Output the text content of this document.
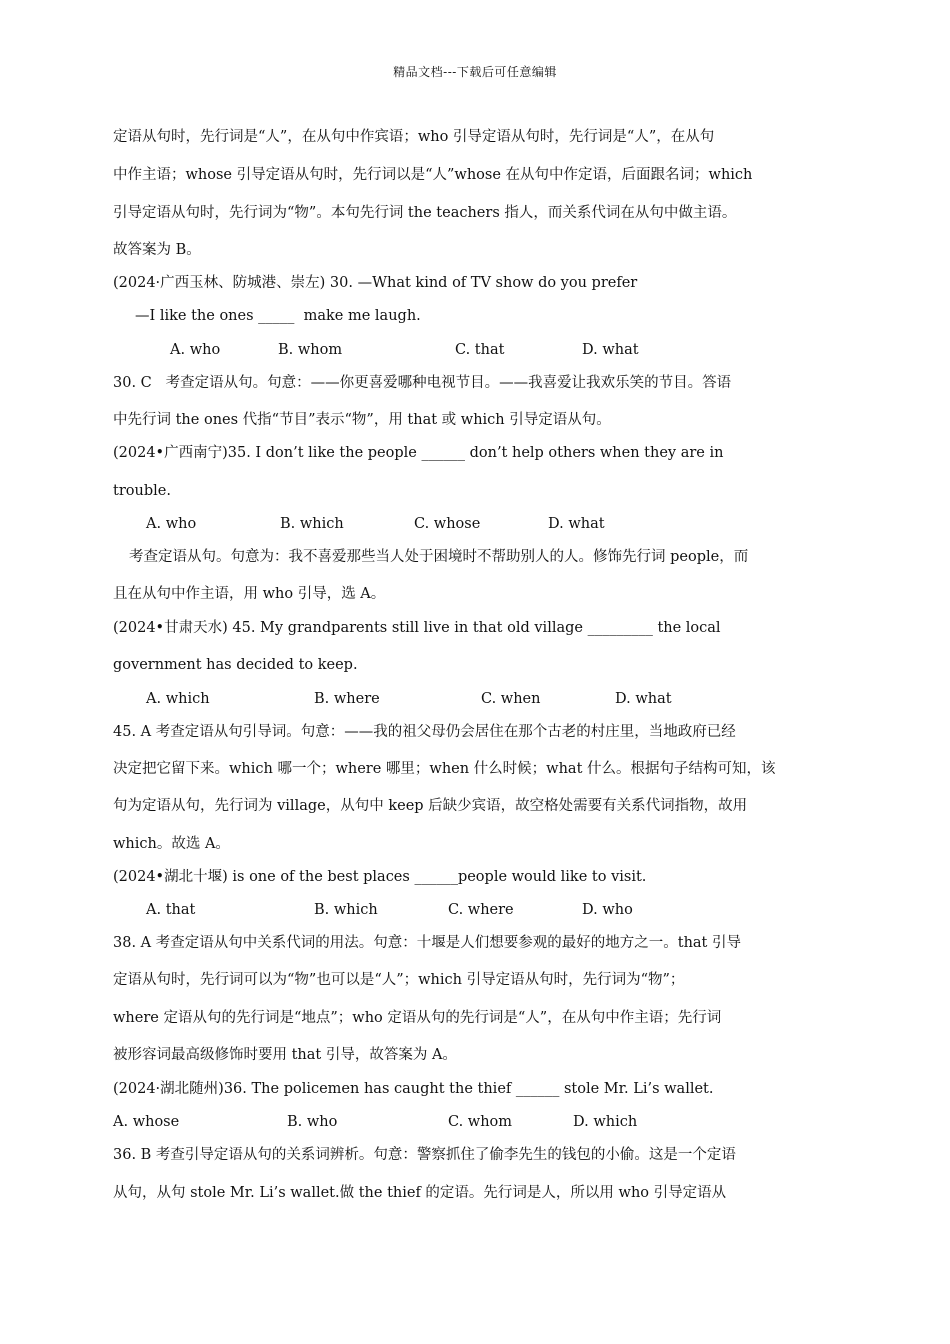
精品文档---下载后可任意编辑
定语从句时，先行词是“人”，在从句中作宾语；who 引导定语从句时，先行词是“人”，在从句
中作主语；whose 引导定语从句时，先行词以是“人”whose 在从句中作定语，后面跟名词；which
引导定语从句时，先行词为“物”。本句先行词 the teachers 指人，而关系代词在从句中做主语。
故答案为 B。
(2024·广西玉林、防城港、崇左) 30. —What kind of TV show do you prefer
—I like the ones _____  make me laugh.
30. C   考查定语从句。句意：——你更喜爱哪种电视节目。——我喜爱让我欢乐笑的节目。答语
中先行词 the ones 代指“节目”表示“物”，用 that 或 which 引导定语从句。
(2024•广西南宁)35. I don’t like the people ______ don’t help others when they are in
trouble.
考查定语从句。句意为：我不喜爱那些当人处于困境时不帮助别人的人。修饰先行词 people，而
且在从句中作主语，用 who 引导，选 A。
(2024•甘肃天水) 45. My grandparents still live in that old village _________ the local
government has decided to keep.
45. A 考查定语从句引导词。句意：——我的祖父母仍会居住在那个古老的村庄里，当地政府已经
决定把它留下来。which 哪一个；where 哪里；when 什么时候；what 什么。根据句子结构可知，该
句为定语从句，先行词为 village，从句中 keep 后缺少宾语，故空格处需要有关系代词指物，故用
which。故选 A。
(2024•湖北十堰) is one of the best places ______people would like to visit.
38. A 考查定语从句中关系代词的用法。句意：十堰是人们想要参观的最好的地方之一。that 引导
定语从句时，先行词可以为“物”也可以是“人”；which 引导定语从句时，先行词为“物”；
where 定语从句的先行词是“地点”；who 定语从句的先行词是“人”，在从句中作主语；先行词
被形容词最高级修饰时要用 that 引导，故答案为 A。
(2024·湖北随州)36. The policemen has caught the thief ______ stole Mr. Li’s wallet.
36. B 考查引导定语从句的关系词辨析。句意：警察抓住了偷李先生的钱包的小偷。这是一个定语
从句，从句 stole Mr. Li’s wallet.做 the thief 的定语。先行词是人，所以用 who 引导定语从
A. who	B. whom	C. that	D. what
A. who	B. which	C. whose	D. what
A. which	B. where	C. when	D. what
A. that	B. which	C. where	D. who
A. whose	B. who	C. whom	D. which
